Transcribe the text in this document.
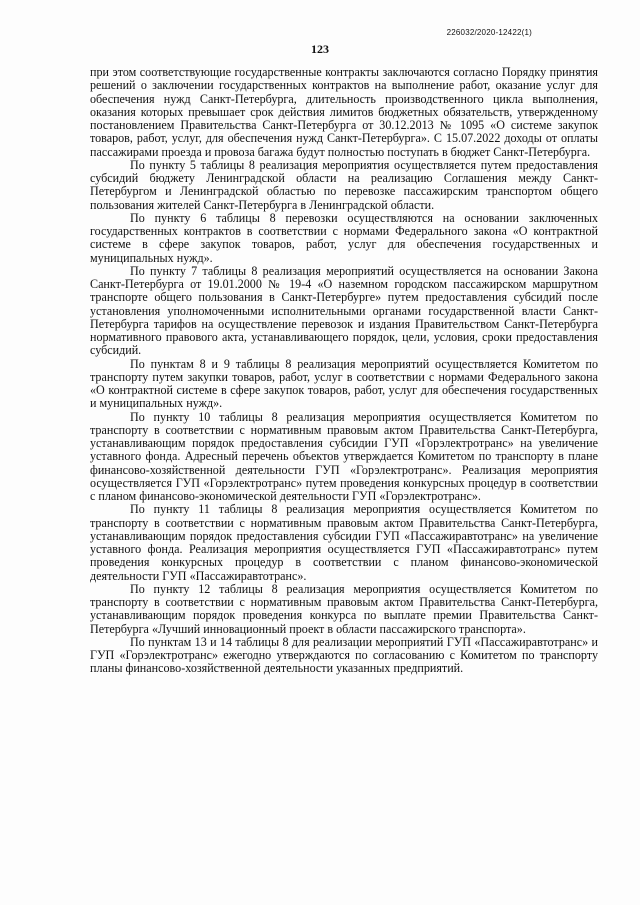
226032/2020-12422(1)
123

при этом соответствующие государственные контракты заключаются согласно Порядку принятия решений о заключении государственных контрактов на выполнение работ, оказание услуг для обеспечения нужд Санкт-Петербурга, длительность производственного цикла выполнения, оказания которых превышает срок действия лимитов бюджетных обязательств, утвержденному постановлением Правительства Санкт-Петербурга от 30.12.2013 № 1095 «О системе закупок товаров, работ, услуг, для обеспечения нужд Санкт-Петербурга». С 15.07.2022 доходы от оплаты пассажирами проезда и провоза багажа будут полностью поступать в бюджет Санкт-Петербурга.

По пункту 5 таблицы 8 реализация мероприятия осуществляется путем предоставления субсидий бюджету Ленинградской области на реализацию Соглашения между Санкт-Петербургом и Ленинградской областью по перевозке пассажирским транспортом общего пользования жителей Санкт-Петербурга в Ленинградской области.

По пункту 6 таблицы 8 перевозки осуществляются на основании заключенных государственных контрактов в соответствии с нормами Федерального закона «О контрактной системе в сфере закупок товаров, работ, услуг для обеспечения государственных и муниципальных нужд».

По пункту 7 таблицы 8 реализация мероприятий осуществляется на основании Закона Санкт-Петербурга от 19.01.2000 № 19-4 «О наземном городском пассажирском маршрутном транспорте общего пользования в Санкт-Петербурге» путем предоставления субсидий после установления уполномоченными исполнительными органами государственной власти Санкт-Петербурга тарифов на осуществление перевозок и издания Правительством Санкт-Петербурга нормативного правового акта, устанавливающего порядок, цели, условия, сроки предоставления субсидий.

По пунктам 8 и 9 таблицы 8 реализация мероприятий осуществляется Комитетом по транспорту путем закупки товаров, работ, услуг в соответствии с нормами Федерального закона «О контрактной системе в сфере закупок товаров, работ, услуг для обеспечения государственных и муниципальных нужд».

По пункту 10 таблицы 8 реализация мероприятия осуществляется Комитетом по транспорту в соответствии с нормативным правовым актом Правительства Санкт-Петербурга, устанавливающим порядок предоставления субсидии ГУП «Горэлектротранс» на увеличение уставного фонда. Адресный перечень объектов утверждается Комитетом по транспорту в плане финансово-хозяйственной деятельности ГУП «Горэлектротранс». Реализация мероприятия осуществляется ГУП «Горэлектротранс» путем проведения конкурсных процедур в соответствии с планом финансово-экономической деятельности ГУП «Горэлектротранс».

По пункту 11 таблицы 8 реализация мероприятия осуществляется Комитетом по транспорту в соответствии с нормативным правовым актом Правительства Санкт-Петербурга, устанавливающим порядок предоставления субсидии ГУП «Пассажиравтотранс» на увеличение уставного фонда. Реализация мероприятия осуществляется ГУП «Пассажиравтотранс» путем проведения конкурсных процедур в соответствии с планом финансово-экономической деятельности ГУП «Пассажиравтотранс».

По пункту 12 таблицы 8 реализация мероприятия осуществляется Комитетом по транспорту в соответствии с нормативным правовым актом Правительства Санкт-Петербурга, устанавливающим порядок проведения конкурса по выплате премии Правительства Санкт-Петербурга «Лучший инновационный проект в области пассажирского транспорта».

По пунктам 13 и 14 таблицы 8 для реализации мероприятий ГУП «Пассажиравтотранс» и ГУП «Горэлектротранс» ежегодно утверждаются по согласованию с Комитетом по транспорту планы финансово-хозяйственной деятельности указанных предприятий.
